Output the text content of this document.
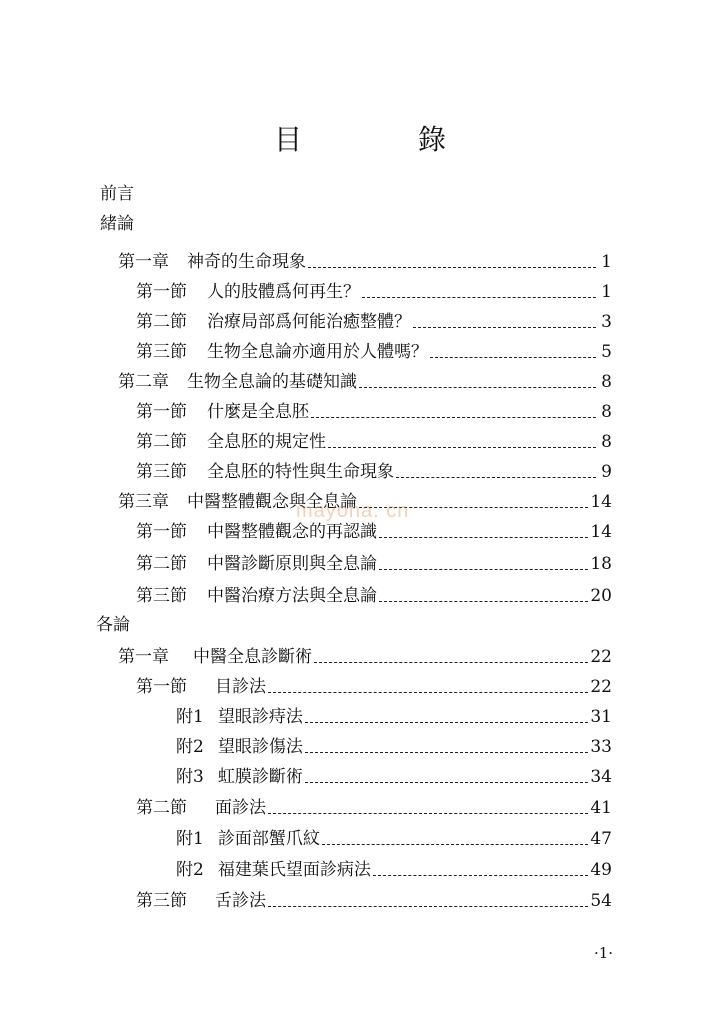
目　錄
前言
緒論
第一章 神奇的生命現象	1
第一節 人的肢體爲何再生？	1
第二節 治療局部爲何能治癒整體？	3
第三節 生物全息論亦適用於人體嗎？	5
第二章 生物全息論的基礎知識	8
第一節 什麼是全息胚	8
第二節 全息胚的規定性	8
第三節 全息胚的特性與生命現象	9
第三章 中醫整體觀念與全息論	14
第一節 中醫整體觀念的再認識	14
第二節 中醫診斷原則與全息論	18
第三節 中醫治療方法與全息論	20
各論
第一章 中醫全息診斷術	22
第一節 目診法	22
附1 望眼診痔法	31
附2 望眼診傷法	33
附3 虹膜診斷術	34
第二節 面診法	41
附1 診面部蟹爪紋	47
附2 福建葉氏望面診病法	49
第三節 舌診法	54
mayona. cn
·1·
